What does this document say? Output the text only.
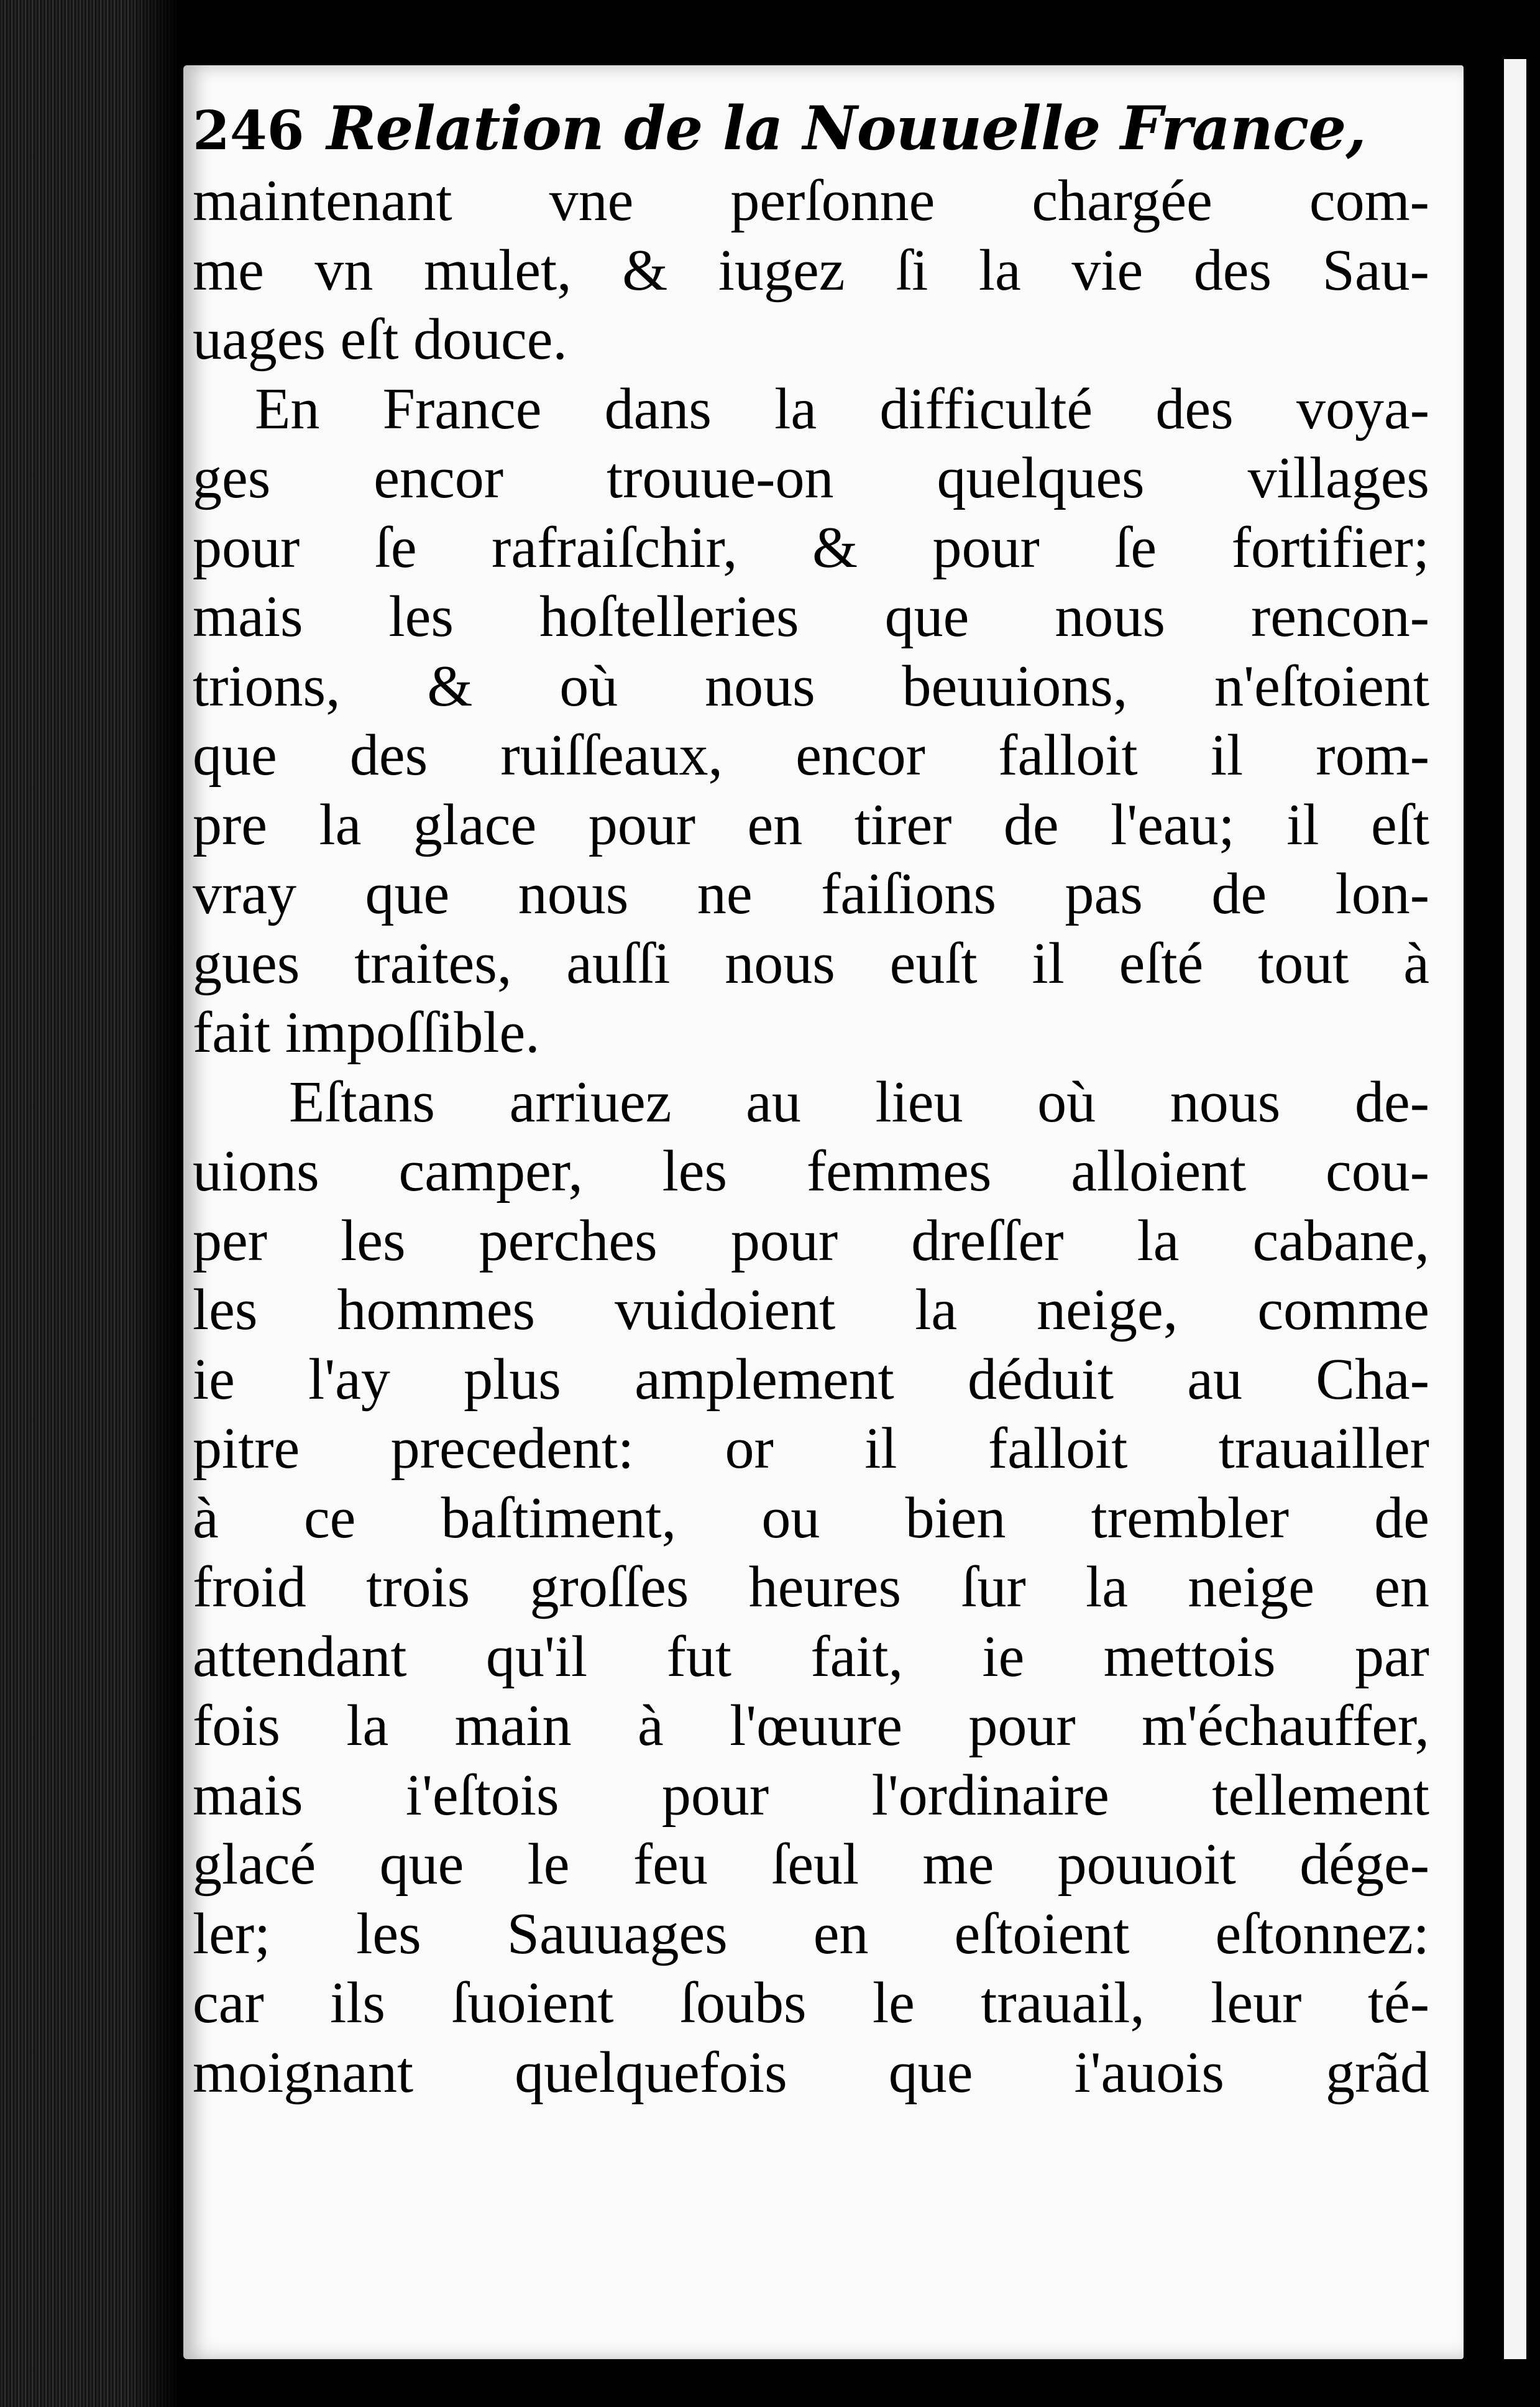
246 Relation de la Nouuelle France,
maintenant vne perſonne chargée com-
me vn mulet, & iugez ſi la vie des Sau-
uages eſt douce.
En France dans la difficulté des voya-
ges encor trouue-on quelques villages
pour ſe rafraiſchir, & pour ſe fortifier;
mais les hoſtelleries que nous rencon-
trions, & où nous beuuions, n'eſtoient
que des ruiſſeaux, encor falloit il rom-
pre la glace pour en tirer de l'eau; il eſt
vray que nous ne faiſions pas de lon-
gues traites, auſſi nous euſt il eſté tout à
fait impoſſible.
Eſtans arriuez au lieu où nous de-
uions camper, les femmes alloient cou-
per les perches pour dreſſer la cabane,
les hommes vuidoient la neige, comme
ie l'ay plus amplement déduit au Cha-
pitre precedent: or il falloit trauailler
à ce baſtiment, ou bien trembler de
froid trois groſſes heures ſur la neige en
attendant qu'il fut fait, ie mettois par
fois la main à l'œuure pour m'échauffer,
mais i'eſtois pour l'ordinaire tellement
glacé que le feu ſeul me pouuoit dége-
ler; les Sauuages en eſtoient eſtonnez:
car ils ſuoient ſoubs le trauail, leur té-
moignant quelquefois que i'auois grãd
